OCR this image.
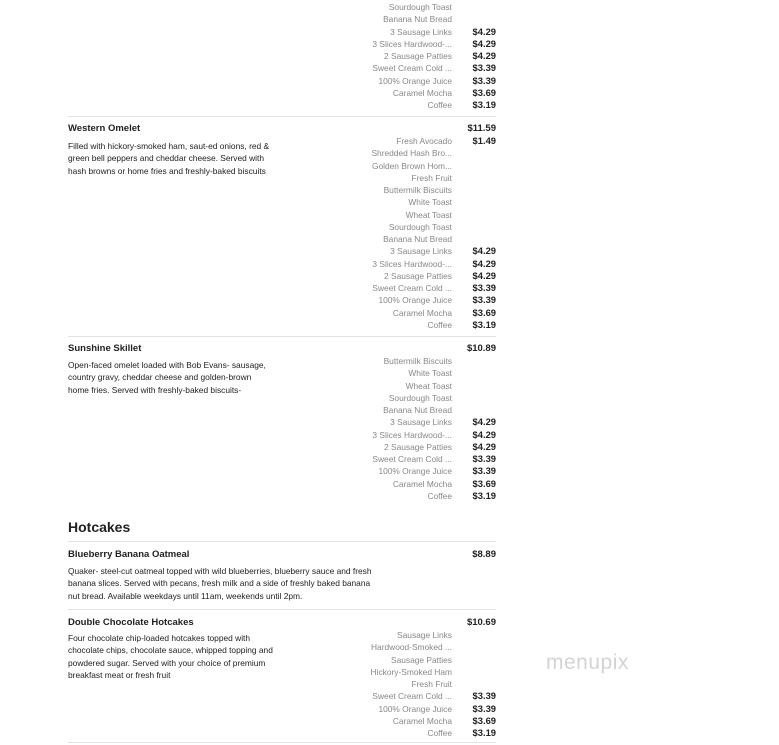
Sourdough Toast
Banana Nut Bread
3 Sausage Links $4.29
3 Slices Hardwood-... $4.29
2 Sausage Patties $4.29
Sweet Cream Cold ... $3.39
100% Orange Juice $3.39
Caramel Mocha $3.69
Coffee $3.19
Western Omelet	$11.59
Filled with hickory-smoked ham, saut-ed onions, red &
green bell peppers and cheddar cheese. Served with
hash browns or home fries and freshly-baked biscuits
Fresh Avocado $1.49
Shredded Hash Bro...
Golden Brown Hom...
Fresh Fruit
Buttermilk Biscuits
White Toast
Wheat Toast
Sourdough Toast
Banana Nut Bread
3 Sausage Links $4.29
3 Slices Hardwood-... $4.29
2 Sausage Patties $4.29
Sweet Cream Cold ... $3.39
100% Orange Juice $3.39
Caramel Mocha $3.69
Coffee $3.19
Sunshine Skillet	$10.89
Open-faced omelet loaded with Bob Evans- sausage,
country gravy, cheddar cheese and golden-brown
home fries. Served with freshly-baked biscuits-
Buttermilk Biscuits
White Toast
Wheat Toast
Sourdough Toast
Banana Nut Bread
3 Sausage Links $4.29
3 Slices Hardwood-... $4.29
2 Sausage Patties $4.29
Sweet Cream Cold ... $3.39
100% Orange Juice $3.39
Caramel Mocha $3.69
Coffee $3.19
Hotcakes
Blueberry Banana Oatmeal	$8.89
Quaker- steel-cut oatmeal topped with wild blueberries, blueberry sauce and fresh
banana slices. Served with pecans, fresh milk and a side of freshly baked banana
nut bread. Available weekdays until 11am, weekends until 2pm.
Double Chocolate Hotcakes	$10.69
Four chocolate chip-loaded hotcakes topped with
chocolate chips, chocolate sauce, whipped topping and
powdered sugar. Served with your choice of premium
breakfast meat or fresh fruit
Sausage Links
Hardwood-Smoked ...
Sausage Patties
Hickory-Smoked Ham
Fresh Fruit
Sweet Cream Cold ... $3.39
100% Orange Juice $3.39
Caramel Mocha $3.69
Coffee $3.19
menupix
